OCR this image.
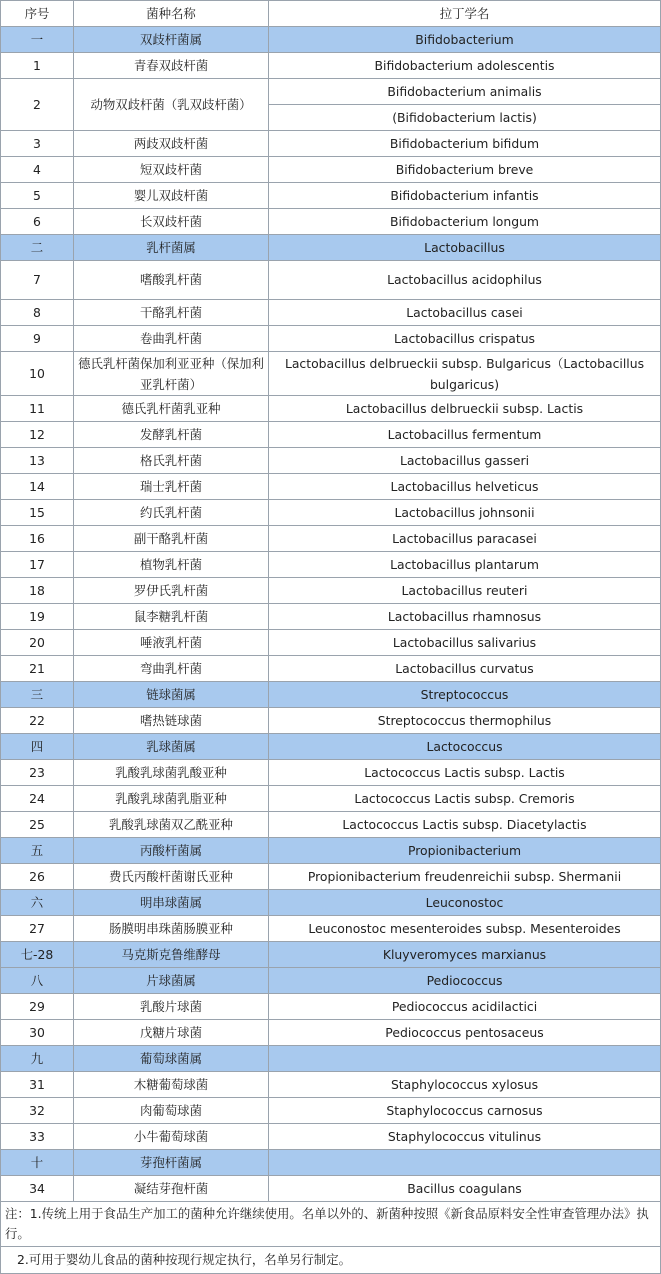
序号	菌种名称	拉丁学名
一	双歧杆菌属	Bifidobacterium
1	青春双歧杆菌	Bifidobacterium adolescentis
2	动物双歧杆菌（乳双歧杆菌）	Bifidobacterium animalis
		(Bifidobacterium lactis)
3	两歧双歧杆菌	Bifidobacterium bifidum
4	短双歧杆菌	Bifidobacterium breve
5	婴儿双歧杆菌	Bifidobacterium infantis
6	长双歧杆菌	Bifidobacterium longum
二	乳杆菌属	Lactobacillus
7	嗜酸乳杆菌	Lactobacillus acidophilus
8	干酪乳杆菌	Lactobacillus casei
9	卷曲乳杆菌	Lactobacillus crispatus
10	德氏乳杆菌保加利亚亚种（保加利亚乳杆菌）	Lactobacillus delbrueckii subsp. Bulgaricus（Lactobacillus bulgaricus)
11	德氏乳杆菌乳亚种	Lactobacillus delbrueckii subsp. Lactis
12	发酵乳杆菌	Lactobacillus fermentum
13	格氏乳杆菌	Lactobacillus gasseri
14	瑞士乳杆菌	Lactobacillus helveticus
15	约氏乳杆菌	Lactobacillus johnsonii
16	副干酪乳杆菌	Lactobacillus paracasei
17	植物乳杆菌	Lactobacillus plantarum
18	罗伊氏乳杆菌	Lactobacillus reuteri
19	鼠李糖乳杆菌	Lactobacillus rhamnosus
20	唾液乳杆菌	Lactobacillus salivarius
21	弯曲乳杆菌	Lactobacillus curvatus
三	链球菌属	Streptococcus
22	嗜热链球菌	Streptococcus thermophilus
四	乳球菌属	Lactococcus
23	乳酸乳球菌乳酸亚种	Lactococcus Lactis subsp. Lactis
24	乳酸乳球菌乳脂亚种	Lactococcus Lactis subsp. Cremoris
25	乳酸乳球菌双乙酰亚种	Lactococcus Lactis subsp. Diacetylactis
五	丙酸杆菌属	Propionibacterium
26	费氏丙酸杆菌谢氏亚种	Propionibacterium freudenreichii subsp. Shermanii
六	明串球菌属	Leuconostoc
27	肠膜明串珠菌肠膜亚种	Leuconostoc mesenteroides subsp. Mesenteroides
七-28	马克斯克鲁维酵母	Kluyveromyces marxianus
八	片球菌属	Pediococcus
29	乳酸片球菌	Pediococcus acidilactici
30	戊糖片球菌	Pediococcus pentosaceus
九	葡萄球菌属	
31	木糖葡萄球菌	Staphylococcus xylosus
32	肉葡萄球菌	Staphylococcus carnosus
33	小牛葡萄球菌	Staphylococcus vitulinus
十	芽孢杆菌属	
34	凝结芽孢杆菌	Bacillus coagulans
注：1.传统上用于食品生产加工的菌种允许继续使用。名单以外的、新菌种按照《新食品原料安全性审查管理办法》执行。		
2.可用于婴幼儿食品的菌种按现行规定执行，名单另行制定。		
